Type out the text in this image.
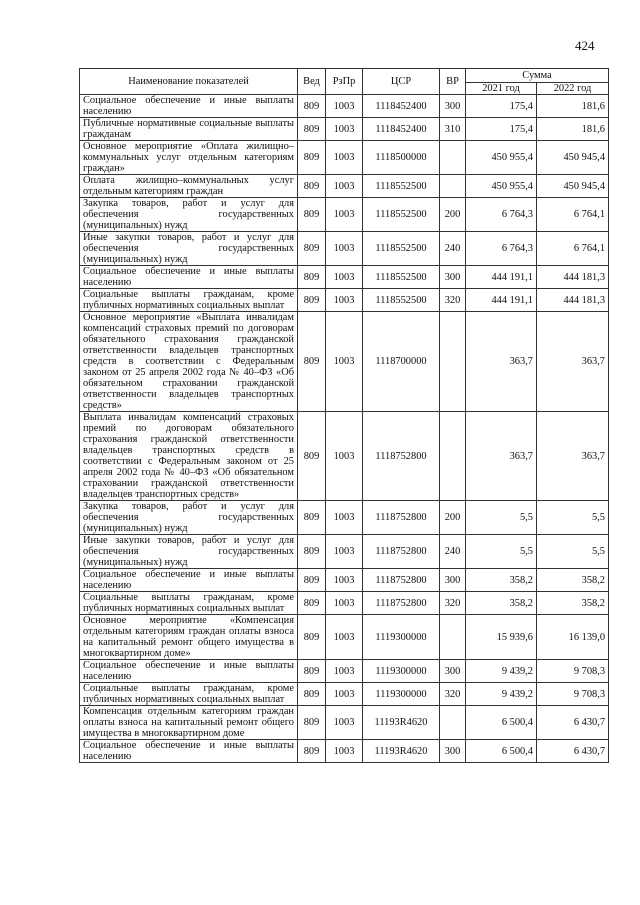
424
Наименование показателей	Вед	РзПр	ЦСР	ВР	Сумма	
					2021 год	2022 год
Социальное обеспечение и иные выплаты населению	809	1003	1118452400	300	175,4	181,6
Публичные нормативные социальные выплаты гражданам	809	1003	1118452400	310	175,4	181,6
Основное мероприятие «Оплата жилищно–коммунальных услуг отдельным категориям граждан»	809	1003	1118500000		450 955,4	450 945,4
Оплата жилищно–коммунальных услуг отдельным категориям граждан	809	1003	1118552500		450 955,4	450 945,4
Закупка товаров, работ и услуг для обеспечения государственных (муниципальных) нужд	809	1003	1118552500	200	6 764,3	6 764,1
Иные закупки товаров, работ и услуг для обеспечения государственных (муниципальных) нужд	809	1003	1118552500	240	6 764,3	6 764,1
Социальное обеспечение и иные выплаты населению	809	1003	1118552500	300	444 191,1	444 181,3
Социальные выплаты гражданам, кроме публичных нормативных социальных выплат	809	1003	1118552500	320	444 191,1	444 181,3
Основное мероприятие «Выплата инвалидам компенсаций страховых премий по договорам обязательного страхования гражданской ответственности владельцев транспортных средств в соответствии с Федеральным законом от 25 апреля 2002 года № 40–ФЗ «Об обязательном страховании гражданской ответственности владельцев транспортных средств»	809	1003	1118700000		363,7	363,7
Выплата инвалидам компенсаций страховых премий по договорам обязательного страхования гражданской ответственности владельцев транспортных средств в соответствии с Федеральным законом от 25 апреля 2002 года № 40–ФЗ «Об обязательном страховании гражданской ответственности владельцев транспортных средств»	809	1003	1118752800		363,7	363,7
Закупка товаров, работ и услуг для обеспечения государственных (муниципальных) нужд	809	1003	1118752800	200	5,5	5,5
Иные закупки товаров, работ и услуг для обеспечения государственных (муниципальных) нужд	809	1003	1118752800	240	5,5	5,5
Социальное обеспечение и иные выплаты населению	809	1003	1118752800	300	358,2	358,2
Социальные выплаты гражданам, кроме публичных нормативных социальных выплат	809	1003	1118752800	320	358,2	358,2
Основное мероприятие «Компенсация отдельным категориям граждан оплаты взноса на капитальный ремонт общего имущества в многоквартирном доме»	809	1003	1119300000		15 939,6	16 139,0
Социальное обеспечение и иные выплаты населению	809	1003	1119300000	300	9 439,2	9 708,3
Социальные выплаты гражданам, кроме публичных нормативных социальных выплат	809	1003	1119300000	320	9 439,2	9 708,3
Компенсация отдельным категориям граждан оплаты взноса на капитальный ремонт общего имущества в многоквартирном доме	809	1003	11193R4620		6 500,4	6 430,7
Социальное обеспечение и иные выплаты населению	809	1003	11193R4620	300	6 500,4	6 430,7
